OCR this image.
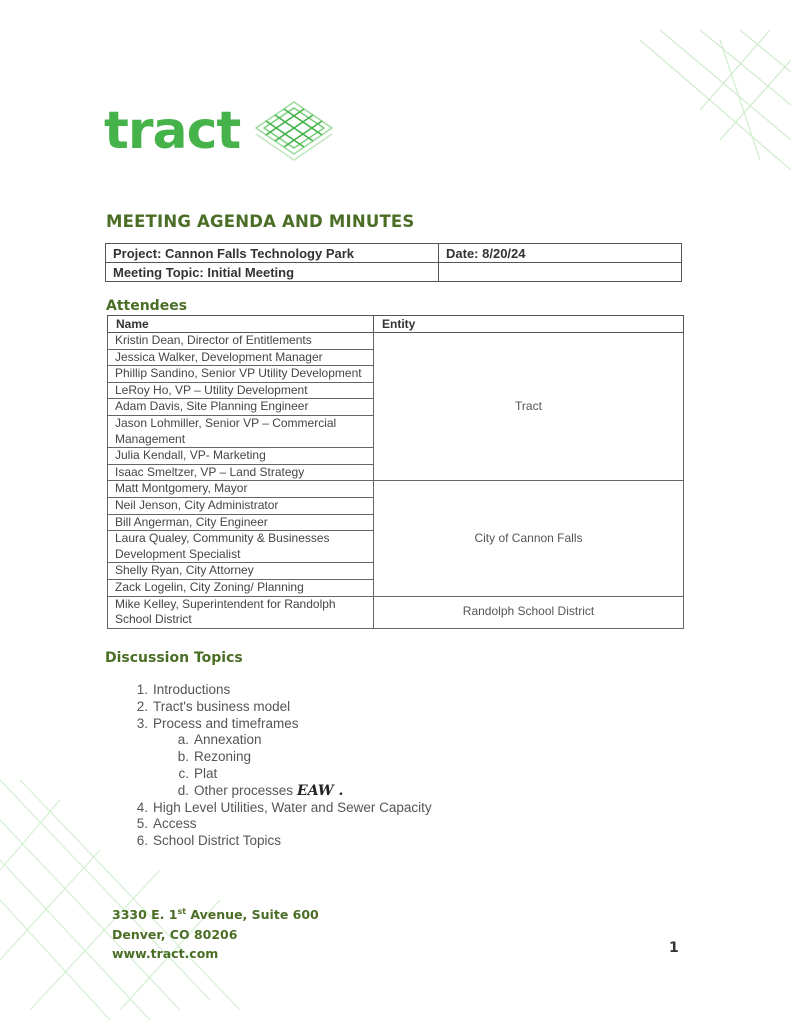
tract
MEETING AGENDA AND MINUTES
Project: Cannon Falls Technology Park	Date: 8/20/24
Meeting Topic: Initial Meeting	
Attendees
Name	Entity
Kristin Dean, Director of Entitlements	Tract
Jessica Walker, Development Manager	
Phillip Sandino, Senior VP Utility Development	
LeRoy Ho, VP – Utility Development	
Adam Davis, Site Planning Engineer	
Jason Lohmiller, Senior VP – Commercial Management	
Julia Kendall, VP- Marketing	
Isaac Smeltzer, VP – Land Strategy	
Matt Montgomery, Mayor	City of Cannon Falls
Neil Jenson, City Administrator	
Bill Angerman, City Engineer	
Laura Qualey, Community & Businesses Development Specialist	
Shelly Ryan, City Attorney	
Zack Logelin, City Zoning/ Planning	
Mike Kelley, Superintendent for Randolph School District	Randolph School District
Discussion Topics
1. Introductions
2. Tract's business model
3. Process and timeframes
a. Annexation
b. Rezoning
c. Plat
d. Other processes EAW .
4. High Level Utilities, Water and Sewer Capacity
5. Access
6. School District Topics
3330 E. 1st Avenue, Suite 600
Denver, CO 80206
www.tract.com	1
